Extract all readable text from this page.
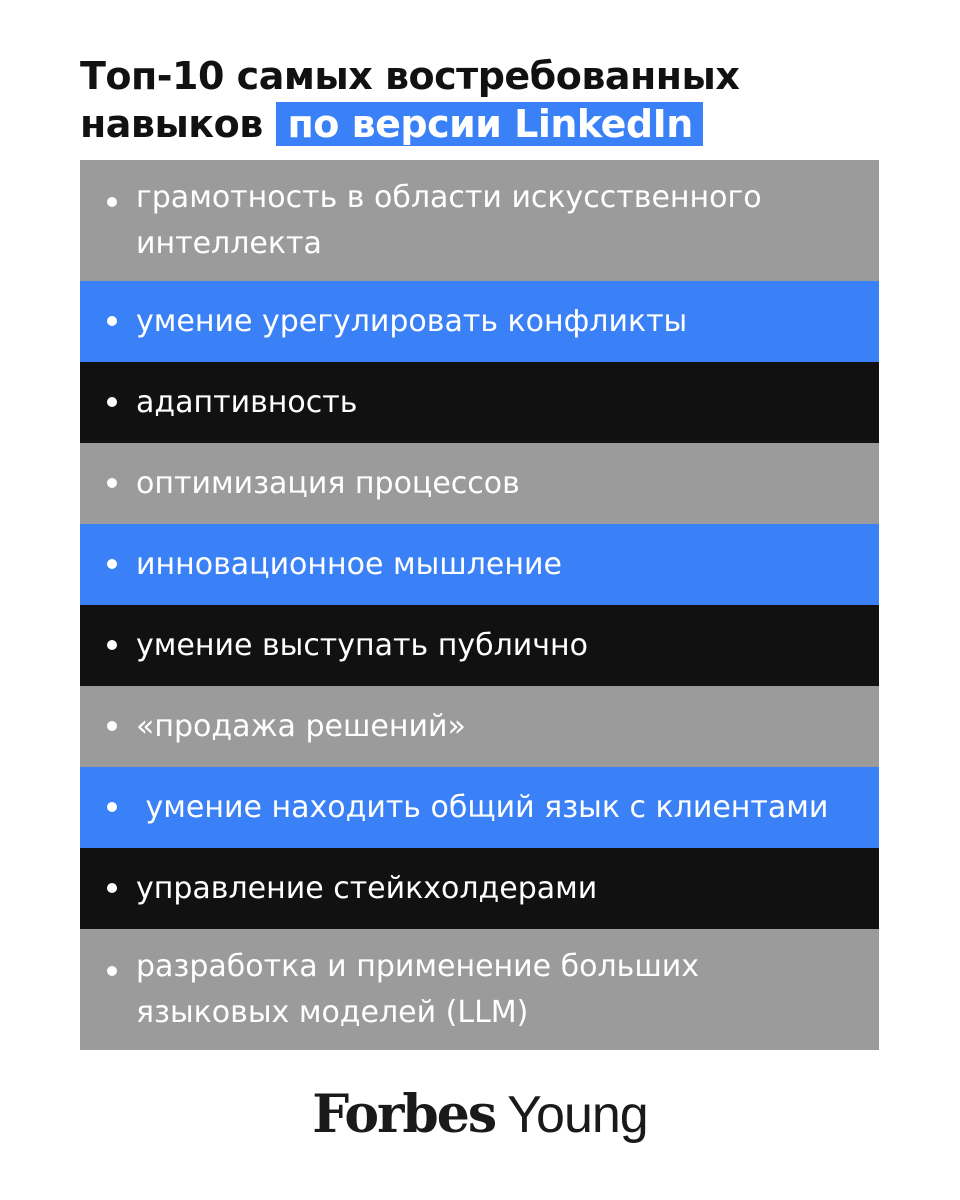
Топ-10 самых востребованных
навыков по версии LinkedIn
грамотность в области искусственного интеллекта
умение урегулировать конфликты
адаптивность
оптимизация процессов
инновационное мышление
умение выступать публично
«продажа решений»
умение находить общий язык с клиентами
управление стейкхолдерами
разработка и применение больших языковых моделей (LLM)
Forbes Young
